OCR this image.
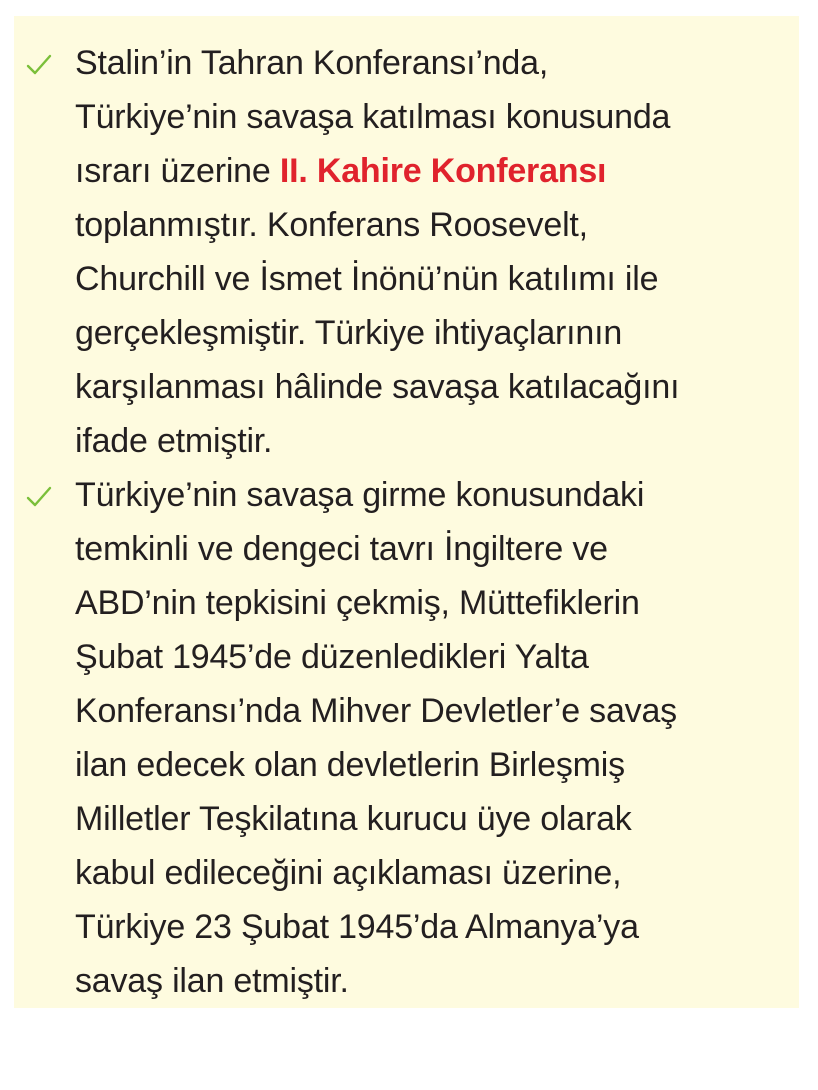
Stalin’in Tahran Konferansı’nda,
Türkiye’nin savaşa katılması konusunda
ısrarı üzerine II. Kahire Konferansı
toplanmıştır. Konferans Roosevelt,
Churchill ve İsmet İnönü’nün katılımı ile
gerçekleşmiştir. Türkiye ihtiyaçlarının
karşılanması hâlinde savaşa katılacağını
ifade etmiştir.

Türkiye’nin savaşa girme konusundaki
temkinli ve dengeci tavrı İngiltere ve
ABD’nin tepkisini çekmiş, Müttefiklerin
Şubat 1945’de düzenledikleri Yalta
Konferansı’nda Mihver Devletler’e savaş
ilan edecek olan devletlerin Birleşmiş
Milletler Teşkilatına kurucu üye olarak
kabul edileceğini açıklaması üzerine,
Türkiye 23 Şubat 1945’da Almanya’ya
savaş ilan etmiştir.
